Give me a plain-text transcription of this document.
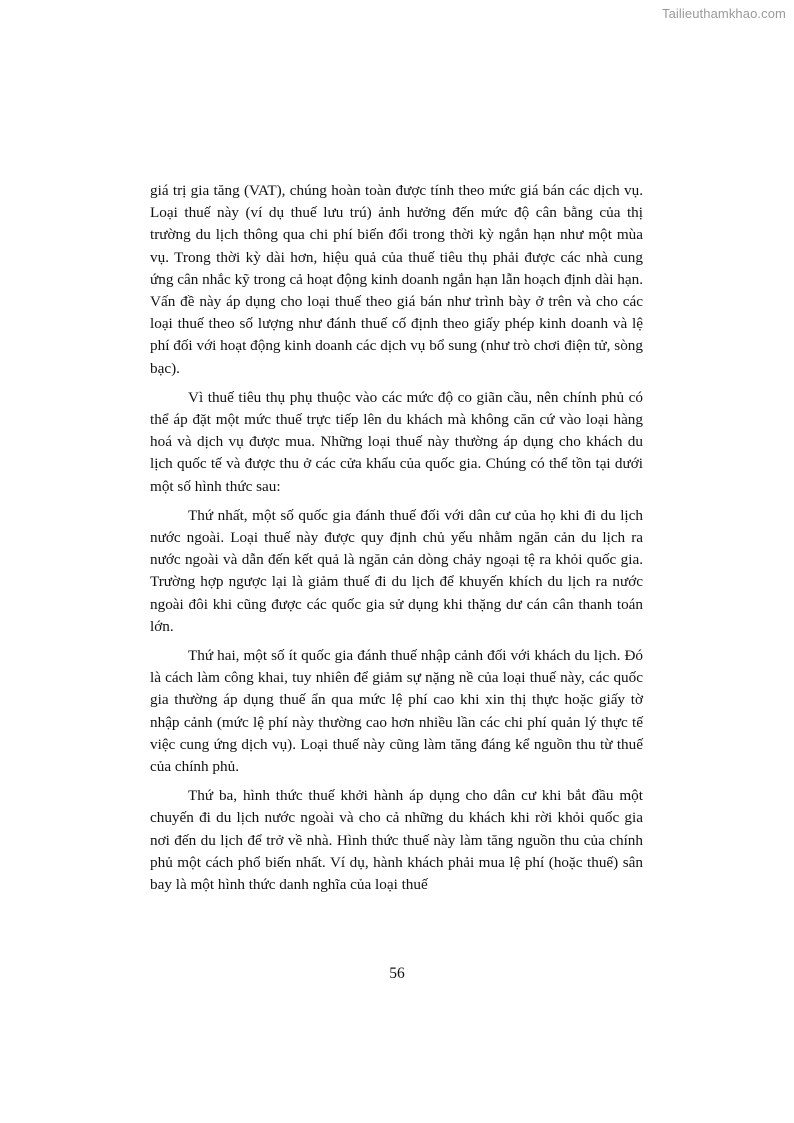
Tailieuthamkhao.com

giá trị gia tăng (VAT), chúng hoàn toàn được tính theo mức giá bán các dịch vụ. Loại thuế này (ví dụ thuế lưu trú) ảnh hưởng đến mức độ cân bằng của thị trường du lịch thông qua chi phí biến đổi trong thời kỳ ngắn hạn như một mùa vụ. Trong thời kỳ dài hơn, hiệu quả của thuế tiêu thụ phải được các nhà cung ứng cân nhắc kỹ trong cả hoạt động kinh doanh ngắn hạn lẫn hoạch định dài hạn. Vấn đề này áp dụng cho loại thuế theo giá bán như trình bày ở trên và cho các loại thuế theo số lượng như đánh thuế cố định theo giấy phép kinh doanh và lệ phí đối với hoạt động kinh doanh các dịch vụ bổ sung (như trò chơi điện tử, sòng bạc).

Vì thuế tiêu thụ phụ thuộc vào các mức độ co giãn cầu, nên chính phủ có thể áp đặt một mức thuế trực tiếp lên du khách mà không căn cứ vào loại hàng hoá và dịch vụ được mua. Những loại thuế này thường áp dụng cho khách du lịch quốc tế và được thu ở các cửa khẩu của quốc gia. Chúng có thể tồn tại dưới một số hình thức sau:

Thứ nhất, một số quốc gia đánh thuế đối với dân cư của họ khi đi du lịch nước ngoài. Loại thuế này được quy định chủ yếu nhằm ngăn cản du lịch ra nước ngoài và dẫn đến kết quả là ngăn cản dòng chảy ngoại tệ ra khỏi quốc gia. Trường hợp ngược lại là giảm thuế đi du lịch để khuyến khích du lịch ra nước ngoài đôi khi cũng được các quốc gia sử dụng khi thặng dư cán cân thanh toán lớn.

Thứ hai, một số ít quốc gia đánh thuế nhập cảnh đối với khách du lịch. Đó là cách làm công khai, tuy nhiên để giảm sự nặng nề của loại thuế này, các quốc gia thường áp dụng thuế ẩn qua mức lệ phí cao khi xin thị thực hoặc giấy tờ nhập cảnh (mức lệ phí này thường cao hơn nhiều lần các chi phí quản lý thực tế việc cung ứng dịch vụ). Loại thuế này cũng làm tăng đáng kể nguồn thu từ thuế của chính phủ.

Thứ ba, hình thức thuế khởi hành áp dụng cho dân cư khi bắt đầu một chuyến đi du lịch nước ngoài và cho cả những du khách khi rời khỏi quốc gia nơi đến du lịch để trở về nhà. Hình thức thuế này làm tăng nguồn thu của chính phủ một cách phổ biến nhất. Ví dụ, hành khách phải mua lệ phí (hoặc thuế) sân bay là một hình thức danh nghĩa của loại thuế

56
